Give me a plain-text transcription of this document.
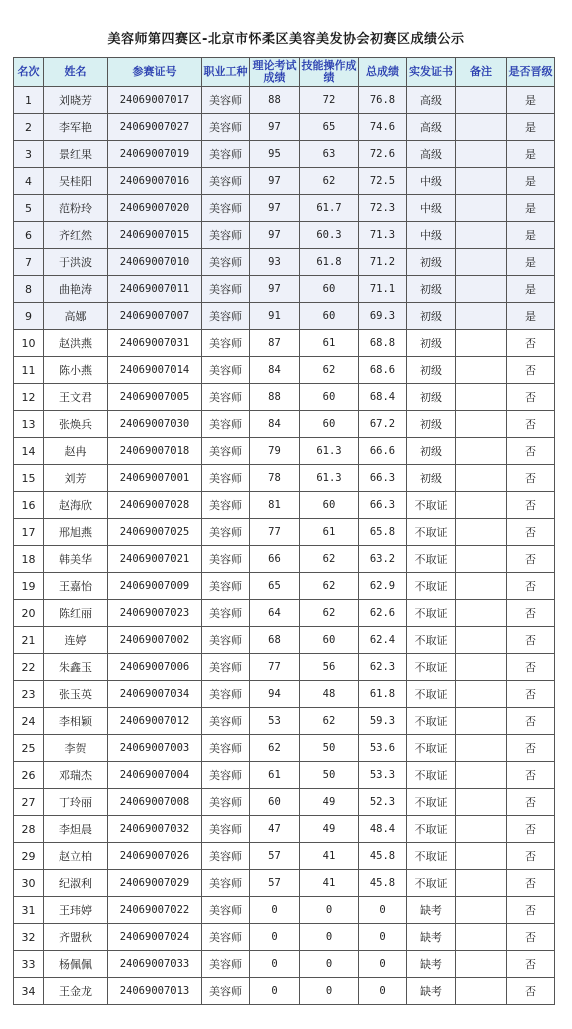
美容师第四赛区-北京市怀柔区美容美发协会初赛区成绩公示
名次	姓名	参赛证号	职业工种	理论考试成绩	技能操作成绩	总成绩	实发证书	备注	是否晋级
1	刘晓芳	24069007017	美容师	88	72	76.8	高级		是
2	李军艳	24069007027	美容师	97	65	74.6	高级		是
3	景红果	24069007019	美容师	95	63	72.6	高级		是
4	吴桂阳	24069007016	美容师	97	62	72.5	中级		是
5	范粉玲	24069007020	美容师	97	61.7	72.3	中级		是
6	齐红然	24069007015	美容师	97	60.3	71.3	中级		是
7	于洪波	24069007010	美容师	93	61.8	71.2	初级		是
8	曲艳涛	24069007011	美容师	97	60	71.1	初级		是
9	高娜	24069007007	美容师	91	60	69.3	初级		是
10	赵洪燕	24069007031	美容师	87	61	68.8	初级		否
11	陈小燕	24069007014	美容师	84	62	68.6	初级		否
12	王文君	24069007005	美容师	88	60	68.4	初级		否
13	张焕兵	24069007030	美容师	84	60	67.2	初级		否
14	赵冉	24069007018	美容师	79	61.3	66.6	初级		否
15	刘芳	24069007001	美容师	78	61.3	66.3	初级		否
16	赵海欣	24069007028	美容师	81	60	66.3	不取证		否
17	邢旭燕	24069007025	美容师	77	61	65.8	不取证		否
18	韩美华	24069007021	美容师	66	62	63.2	不取证		否
19	王嘉怡	24069007009	美容师	65	62	62.9	不取证		否
20	陈红丽	24069007023	美容师	64	62	62.6	不取证		否
21	连婷	24069007002	美容师	68	60	62.4	不取证		否
22	朱鑫玉	24069007006	美容师	77	56	62.3	不取证		否
23	张玉英	24069007034	美容师	94	48	61.8	不取证		否
24	李相颖	24069007012	美容师	53	62	59.3	不取证		否
25	李贺	24069007003	美容师	62	50	53.6	不取证		否
26	邓瑞杰	24069007004	美容师	61	50	53.3	不取证		否
27	丁玲丽	24069007008	美容师	60	49	52.3	不取证		否
28	李炟晨	24069007032	美容师	47	49	48.4	不取证		否
29	赵立柏	24069007026	美容师	57	41	45.8	不取证		否
30	纪淑利	24069007029	美容师	57	41	45.8	不取证		否
31	王玮婷	24069007022	美容师	0	0	0	缺考		否
32	齐盟秋	24069007024	美容师	0	0	0	缺考		否
33	杨佩佩	24069007033	美容师	0	0	0	缺考		否
34	王金龙	24069007013	美容师	0	0	0	缺考		否
